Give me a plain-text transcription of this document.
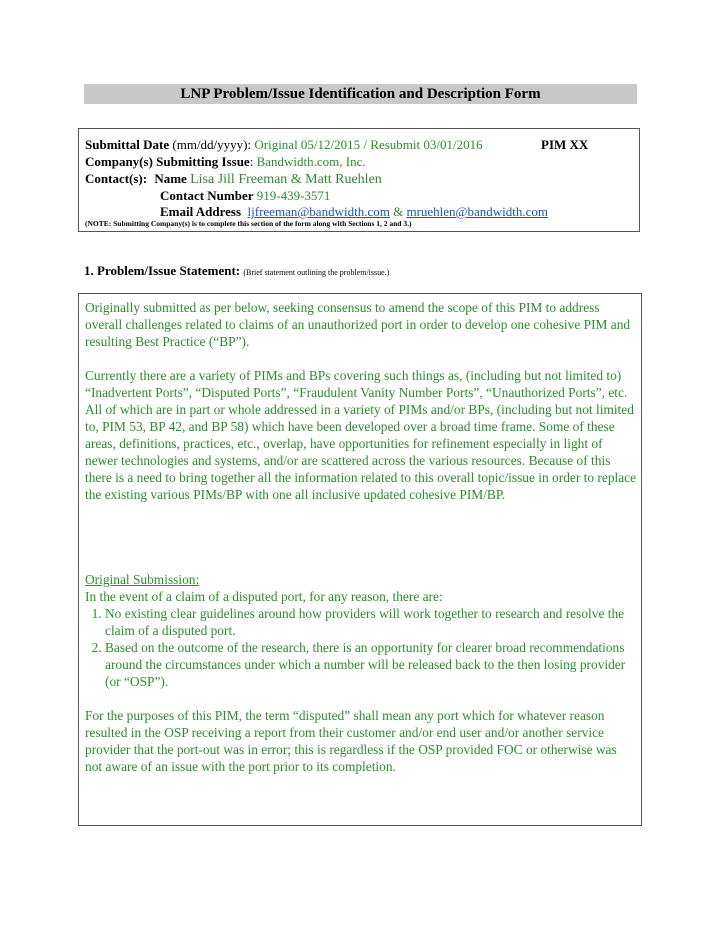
LNP Problem/Issue Identification and Description Form
Submittal Date (mm/dd/yyyy): Original 05/12/2015 / Resubmit 03/01/2016	PIM XX
Company(s) Submitting Issue: Bandwidth.com, Inc.
Contact(s): Name Lisa Jill Freeman & Matt Ruehlen
Contact Number 919-439-3571
Email Address ljfreeman@bandwidth.com & mruehlen@bandwidth.com
(NOTE: Submitting Company(s) is to complete this section of the form along with Sections 1, 2 and 3.)
1. Problem/Issue Statement: (Brief statement outlining the problem/issue.)

Originally submitted as per below, seeking consensus to amend the scope of this PIM to address overall challenges related to claims of an unauthorized port in order to develop one cohesive PIM and resulting Best Practice (“BP”).

Currently there are a variety of PIMs and BPs covering such things as, (including but not limited to) “Inadvertent Ports”, “Disputed Ports”, “Fraudulent Vanity Number Ports”, “Unauthorized Ports”, etc. All of which are in part or whole addressed in a variety of PIMs and/or BPs, (including but not limited to, PIM 53, BP 42, and BP 58) which have been developed over a broad time frame. Some of these areas, definitions, practices, etc., overlap, have opportunities for refinement especially in light of newer technologies and systems, and/or are scattered across the various resources. Because of this there is a need to bring together all the information related to this overall topic/issue in order to replace the existing various PIMs/BP with one all inclusive updated cohesive PIM/BP.

Original Submission:
In the event of a claim of a disputed port, for any reason, there are:
1. No existing clear guidelines around how providers will work together to research and resolve the claim of a disputed port.
2. Based on the outcome of the research, there is an opportunity for clearer broad recommendations around the circumstances under which a number will be released back to the then losing provider (or “OSP”).

For the purposes of this PIM, the term “disputed” shall mean any port which for whatever reason resulted in the OSP receiving a report from their customer and/or end user and/or another service provider that the port-out was in error; this is regardless if the OSP provided FOC or otherwise was not aware of an issue with the port prior to its completion.
